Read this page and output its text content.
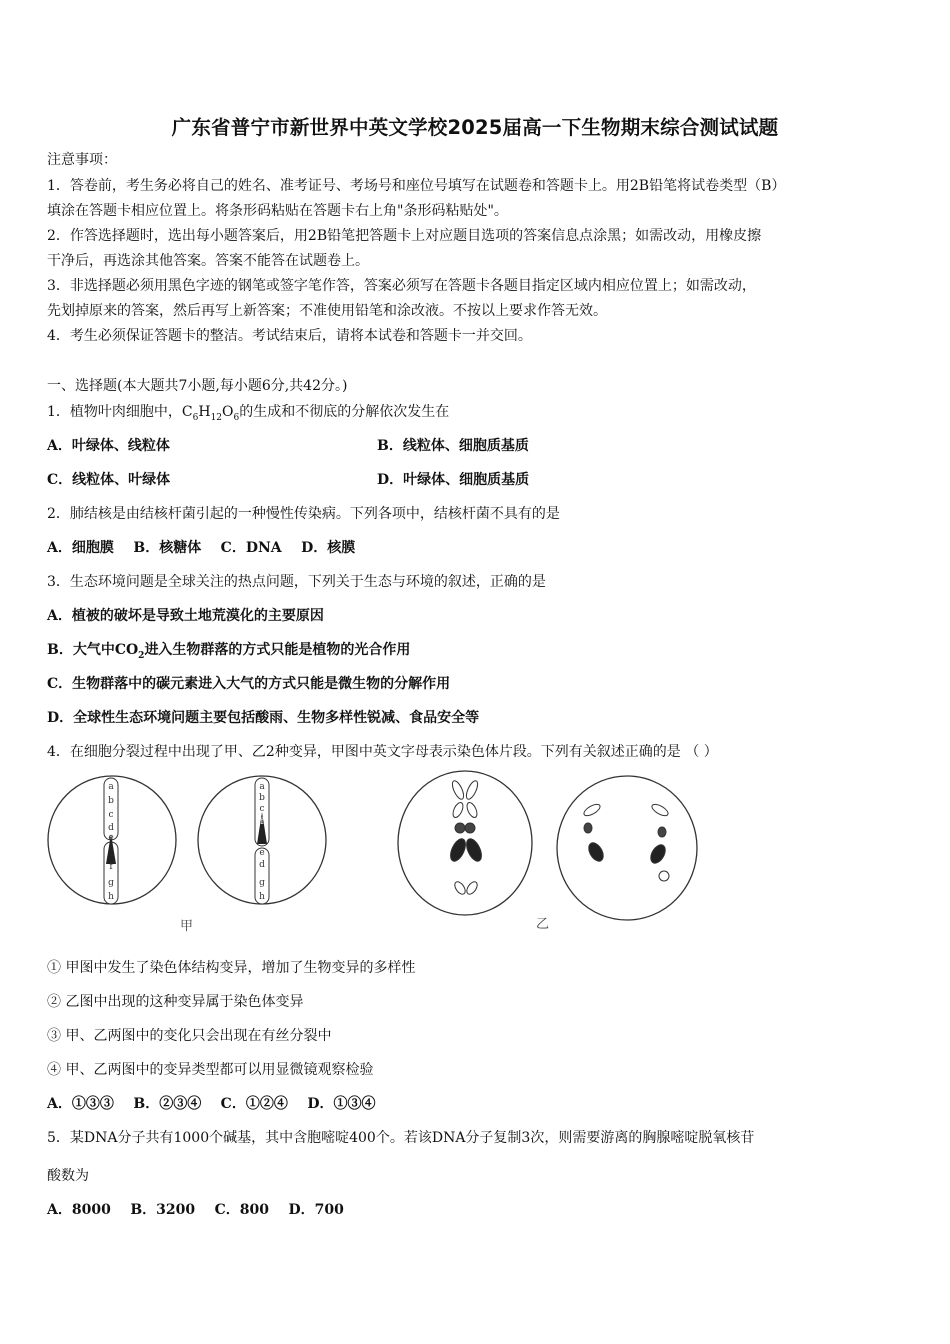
广东省普宁市新世界中英文学校2025届高一下生物期末综合测试试题
注意事项：
1．答卷前，考生务必将自己的姓名、准考证号、考场号和座位号填写在试题卷和答题卡上。用2B铅笔将试卷类型（B）
填涂在答题卡相应位置上。将条形码粘贴在答题卡右上角"条形码粘贴处"。
2．作答选择题时，选出每小题答案后，用2B铅笔把答题卡上对应题目选项的答案信息点涂黑；如需改动，用橡皮擦
干净后，再选涂其他答案。答案不能答在试题卷上。
3．非选择题必须用黑色字迹的钢笔或签字笔作答，答案必须写在答题卡各题目指定区域内相应位置上；如需改动，
先划掉原来的答案，然后再写上新答案；不准使用铅笔和涂改液。不按以上要求作答无效。
4．考生必须保证答题卡的整洁。考试结束后，请将本试卷和答题卡一并交回。
一、选择题(本大题共7小题,每小题6分,共42分。)
1．植物叶肉细胞中，$C_6H_{12}O_6$的生成和不彻底的分解依次发生在
A．叶绿体、线粒体	B．线粒体、细胞质基质
C．线粒体、叶绿体	D．叶绿体、细胞质基质
2．肺结核是由结核杆菌引起的一种慢性传染病。下列各项中，结核杆菌不具有的是
A．细胞膜    B．核糖体    C．DNA    D．核膜
3．生态环境问题是全球关注的热点问题，下列关于生态与环境的叙述，正确的是
A．植被的破坏是导致土地荒漠化的主要原因
B．大气中$CO_2$进入生物群落的方式只能是植物的光合作用
C．生物群落中的碳元素进入大气的方式只能是微生物的分解作用
D．全球性生态环境问题主要包括酸雨、生物多样性锐减、食品安全等
4．在细胞分裂过程中出现了甲、乙2种变异，甲图中英文字母表示染色体片段。下列有关叙述正确的是 （ ）
a
b
c
d
e
f
g
h
a
b
c
f
e
d
g
h
甲	乙
① 甲图中发生了染色体结构变异，增加了生物变异的多样性
② 乙图中出现的这种变异属于染色体变异
③ 甲、乙两图中的变化只会出现在有丝分裂中
④ 甲、乙两图中的变异类型都可以用显微镜观察检验
A．①③③    B．②③④    C．①②④    D．①③④
5．某DNA分子共有1000个碱基，其中含胞嘧啶400个。若该DNA分子复制3次，则需要游离的胸腺嘧啶脱氧核苷
酸数为
A．8000    B．3200    C．800    D．700
